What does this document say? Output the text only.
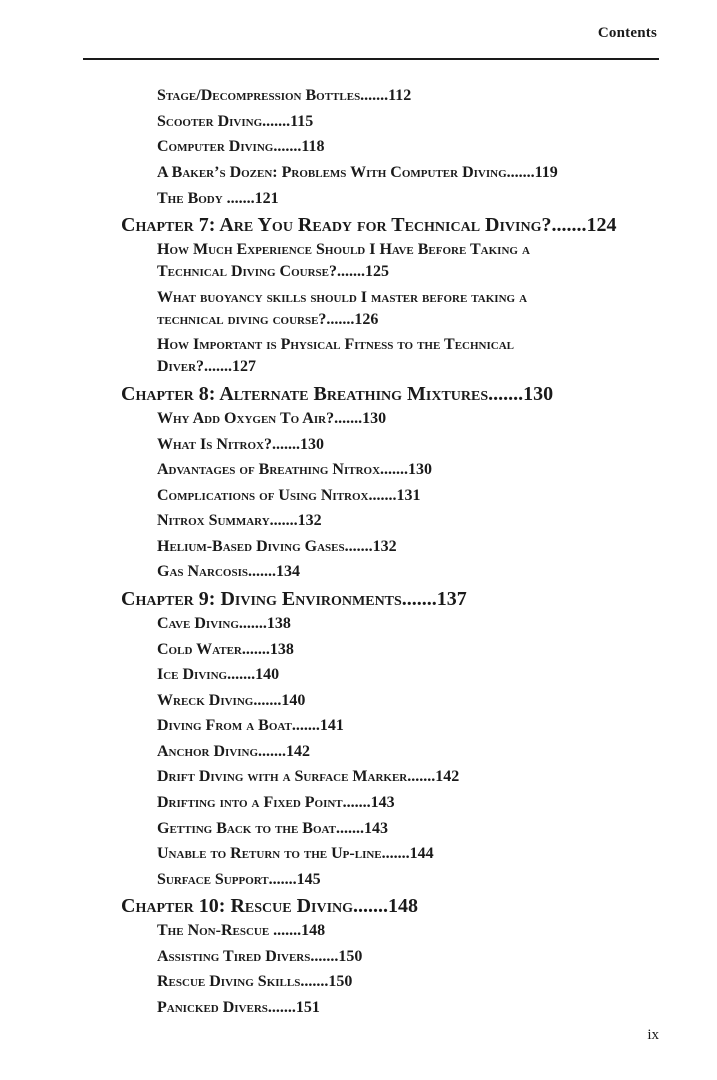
Contents
Stage/Decompression Bottles.......112
Scooter Diving.......115
Computer Diving.......118
A Baker’s Dozen: Problems With Computer Diving.......119
The Body .......121
Chapter 7: Are You Ready for Technical Diving?.......124
How Much Experience Should I Have Before Taking a
Technical Diving Course?.......125
What buoyancy skills should I master before taking a
technical diving course?.......126
How Important is Physical Fitness to the Technical
Diver?.......127
Chapter 8: Alternate Breathing Mixtures.......130
Why Add Oxygen To Air?.......130
What Is Nitrox?.......130
Advantages of Breathing Nitrox.......130
Complications of Using Nitrox.......131
Nitrox Summary.......132
Helium-Based Diving Gases.......132
Gas Narcosis.......134
Chapter 9: Diving Environments.......137
Cave Diving.......138
Cold Water.......138
Ice Diving.......140
Wreck Diving.......140
Diving From a Boat.......141
Anchor Diving.......142
Drift Diving with a Surface Marker.......142
Drifting into a Fixed Point.......143
Getting Back to the Boat.......143
Unable to Return to the Up-line.......144
Surface Support.......145
Chapter 10: Rescue Diving.......148
The Non-Rescue .......148
Assisting Tired Divers.......150
Rescue Diving Skills.......150
Panicked Divers.......151
ix
